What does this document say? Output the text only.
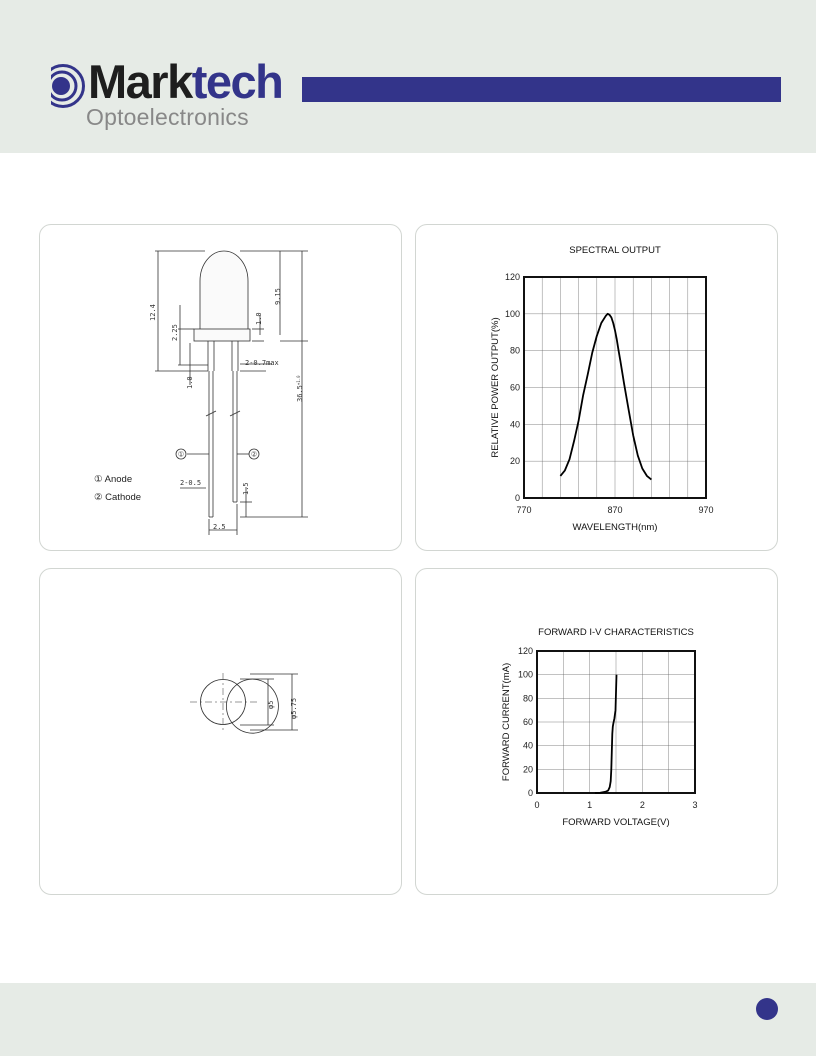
Marktech
Optoelectronics
12.4
9.15
2.25
1.0
1.0
2-0.7max
$36.5^{+1.0}$
2-0.5	1.5
2.5
①	②
① Anode
② Cathode
770	870	970
0
20
40
60
80
100
120
SPECTRAL OUTPUT
WAVELENGTH(nm)
RELATIVE POWER OUTPUT(%)
φ5 φ5.75
0	1	2	3
0
20
40
60
80
100
120
FORWARD I-V CHARACTERISTICS
FORWARD VOLTAGE(V)
FORWARD CURRENT(mA)
